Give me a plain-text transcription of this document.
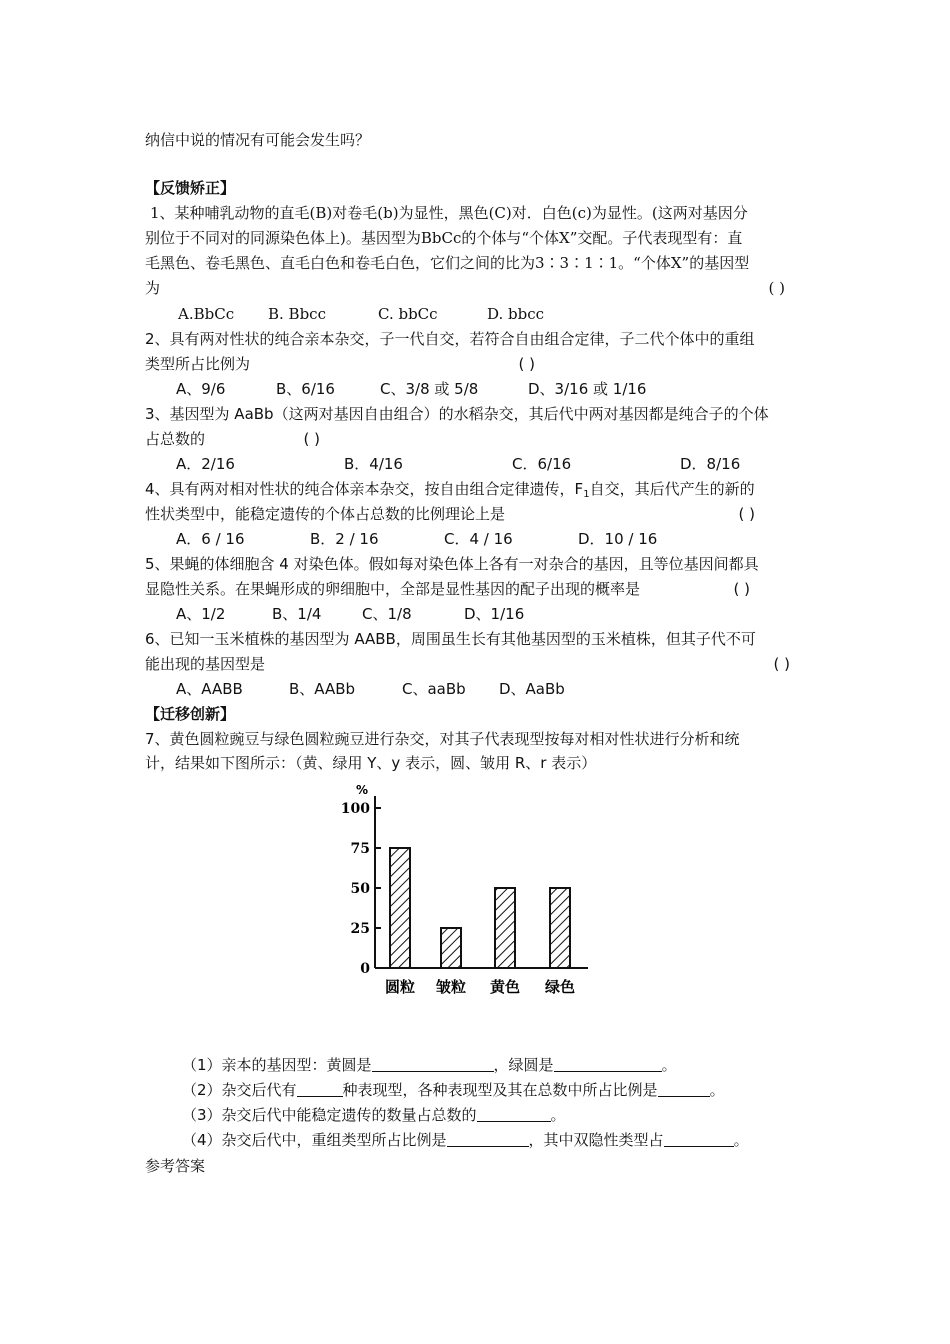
纳信中说的情况有可能会发生吗？
【反馈矫正】
1、某种哺乳动物的直毛(B)对卷毛(b)为显性，黑色(C)对．白色(c)为显性。(这两对基因分
别位于不同对的同源染色体上)。基因型为BbCc的个体与“个体X”交配。子代表现型有：直
毛黑色、卷毛黑色、直毛白色和卷毛白色，它们之间的比为3∶3∶1∶1。“个体X”的基因型
为	( )
A.BbCc B. Bbcc	C. bbCc	D. bbcc
2、具有两对性状的纯合亲本杂交，子一代自交，若符合自由组合定律，子二代个体中的重组
类型所占比例为	( )
A、9/6	B、6/16	C、3/8 或 5/8	D、3/16 或 1/16
3、基因型为 AaBb（这两对基因自由组合）的水稻杂交，其后代中两对基因都是纯合子的个体
占总数的	( )
A．2/16	B．4/16	C．6/16	D．8/16
4、具有两对相对性状的纯合体亲本杂交，按自由组合定律遗传，$F_1$自交，其后代产生的新的
性状类型中，能稳定遗传的个体占总数的比例理论上是	( )
A．6 / 16	B．2 / 16	C．4 / 16	D．10 / 16
5、果蝇的体细胞含 4 对染色体。假如每对染色体上各有一对杂合的基因，且等位基因间都具
显隐性关系。在果蝇形成的卵细胞中，全部是显性基因的配子出现的概率是	( )
A、1/2	B、1/4	C、1/8	D、1/16
6、已知一玉米植株的基因型为 AABB，周围虽生长有其他基因型的玉米植株，但其子代不可
能出现的基因型是	( )
A、AABB	B、AABb	C、aaBb D、AaBb
【迁移创新】
7、黄色圆粒豌豆与绿色圆粒豌豆进行杂交，对其子代表现型按每对相对性状进行分析和统
计，结果如下图所示：（黄、绿用 Y、y 表示，圆、皱用 R、r 表示）
%
0
25
50
75
100
圆粒 皱粒 黄色 绿色
（1）亲本的基因型：黄圆是	，绿圆是	。
（2）杂交后代有	种表现型，各种表现型及其在总数中所占比例是	。
（3）杂交后代中能稳定遗传的数量占总数的	。
（4）杂交后代中，重组类型所占比例是	，其中双隐性类型占	。
参考答案
